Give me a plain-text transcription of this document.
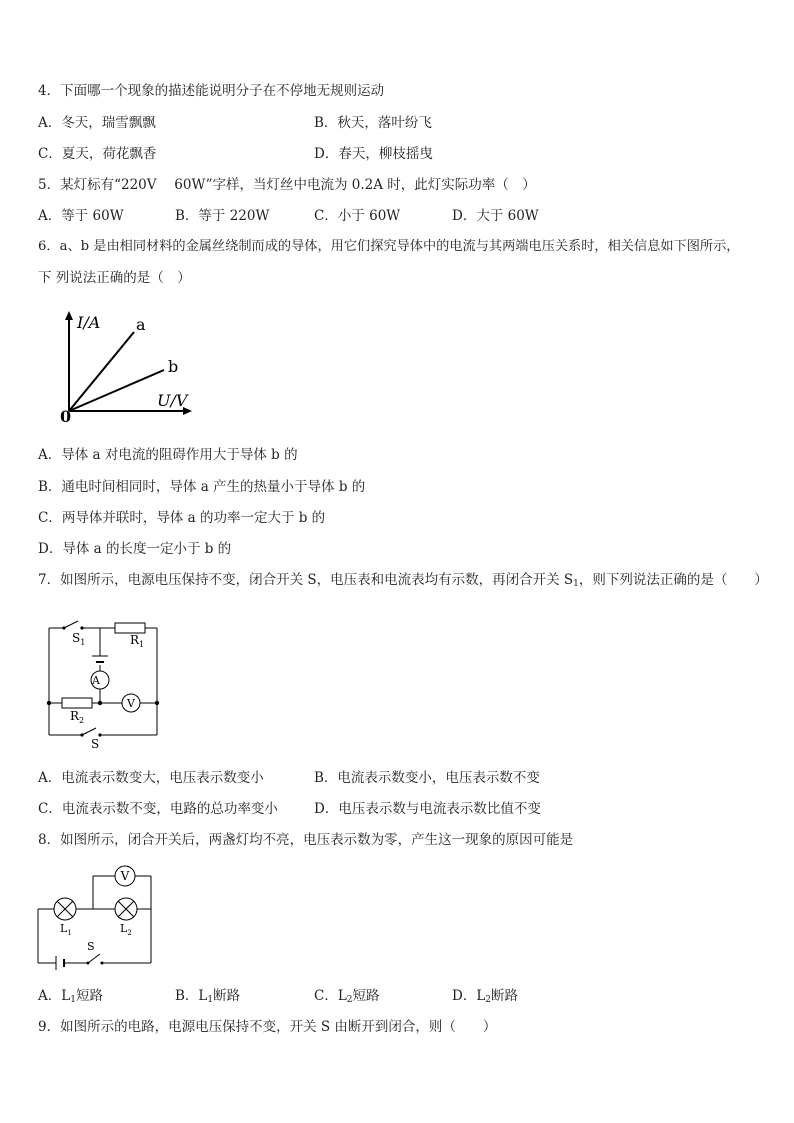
4．下面哪一个现象的描述能说明分子在不停地无规则运动
A．冬天，瑞雪飘飘	B．秋天，落叶纷飞
C．夏天，荷花飘香	D．春天，柳枝摇曳
5．某灯标有“220V　 60W”字样，当灯丝中电流为 0.2A 时，此灯实际功率（　）
A．等于 60W	B．等于 220W	C．小于 60W	D．大于 60W
6．a、b 是由相同材料的金属丝绕制而成的导体，用它们探究导体中的电流与其两端电压关系时，相关信息如下图所示，
下 列说法正确的是（　）
I/A a
b
U/V
0
A．导体 a 对电流的阻碍作用大于导体 b 的
B．通电时间相同时，导体 a 产生的热量小于导体 b 的
C．两导体并联时，导体 a 的功率一定大于 b 的
D．导体 a 的长度一定小于 b 的
7．如图所示，电源电压保持不变，闭合开关 S，电压表和电流表均有示数，再闭合开关 $S_1$，则下列说法正确的是（　　）
A
V
$S_1$	$R_1$
$R_2$
S
A．电流表示数变大，电压表示数变小	B．电流表示数变小，电压表示数不变
C．电流表示数不变，电路的总功率变小	D．电压表示数与电流表示数比值不变
8．如图所示，闭合开关后，两盏灯均不亮，电压表示数为零，产生这一现象的原因可能是
V
$L_1$	$L_2$
S
A．$L_1$短路	B．$L_1$断路	C．$L_2$短路	D．$L_2$断路
9．如图所示的电路，电源电压保持不变，开关 S 由断开到闭合，则（　　）
